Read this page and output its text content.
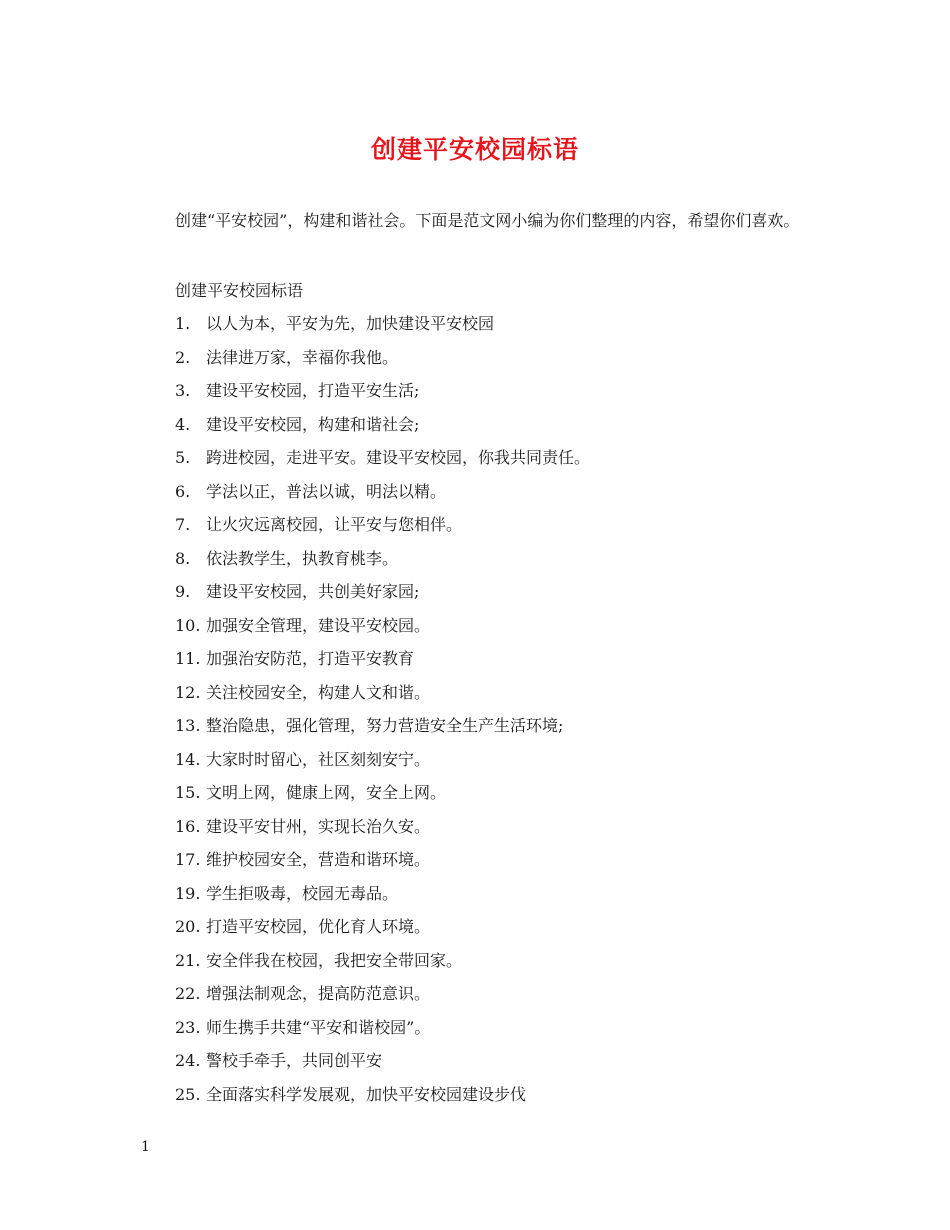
创建平安校园标语

创建“平安校园”，构建和谐社会。下面是范文网小编为你们整理的内容，希望你们喜欢。

创建平安校园标语

1. 以人为本，平安为先，加快建设平安校园
2. 法律进万家，幸福你我他。
3. 建设平安校园，打造平安生活;
4. 建设平安校园，构建和谐社会;
5. 跨进校园，走进平安。建设平安校园，你我共同责任。
6. 学法以正，普法以诚，明法以精。
7. 让火灾远离校园，让平安与您相伴。
8. 依法教学生，执教育桃李。
9. 建设平安校园，共创美好家园;
10. 加强安全管理，建设平安校园。
11. 加强治安防范，打造平安教育
12. 关注校园安全，构建人文和谐。
13. 整治隐患，强化管理，努力营造安全生产生活环境;
14. 大家时时留心，社区刻刻安宁。
15. 文明上网，健康上网，安全上网。
16. 建设平安甘州，实现长治久安。
17. 维护校园安全，营造和谐环境。
19. 学生拒吸毒，校园无毒品。
20. 打造平安校园，优化育人环境。
21. 安全伴我在校园，我把安全带回家。
22. 增强法制观念，提高防范意识。
23. 师生携手共建“平安和谐校园”。
24. 警校手牵手，共同创平安
25. 全面落实科学发展观，加快平安校园建设步伐
1
